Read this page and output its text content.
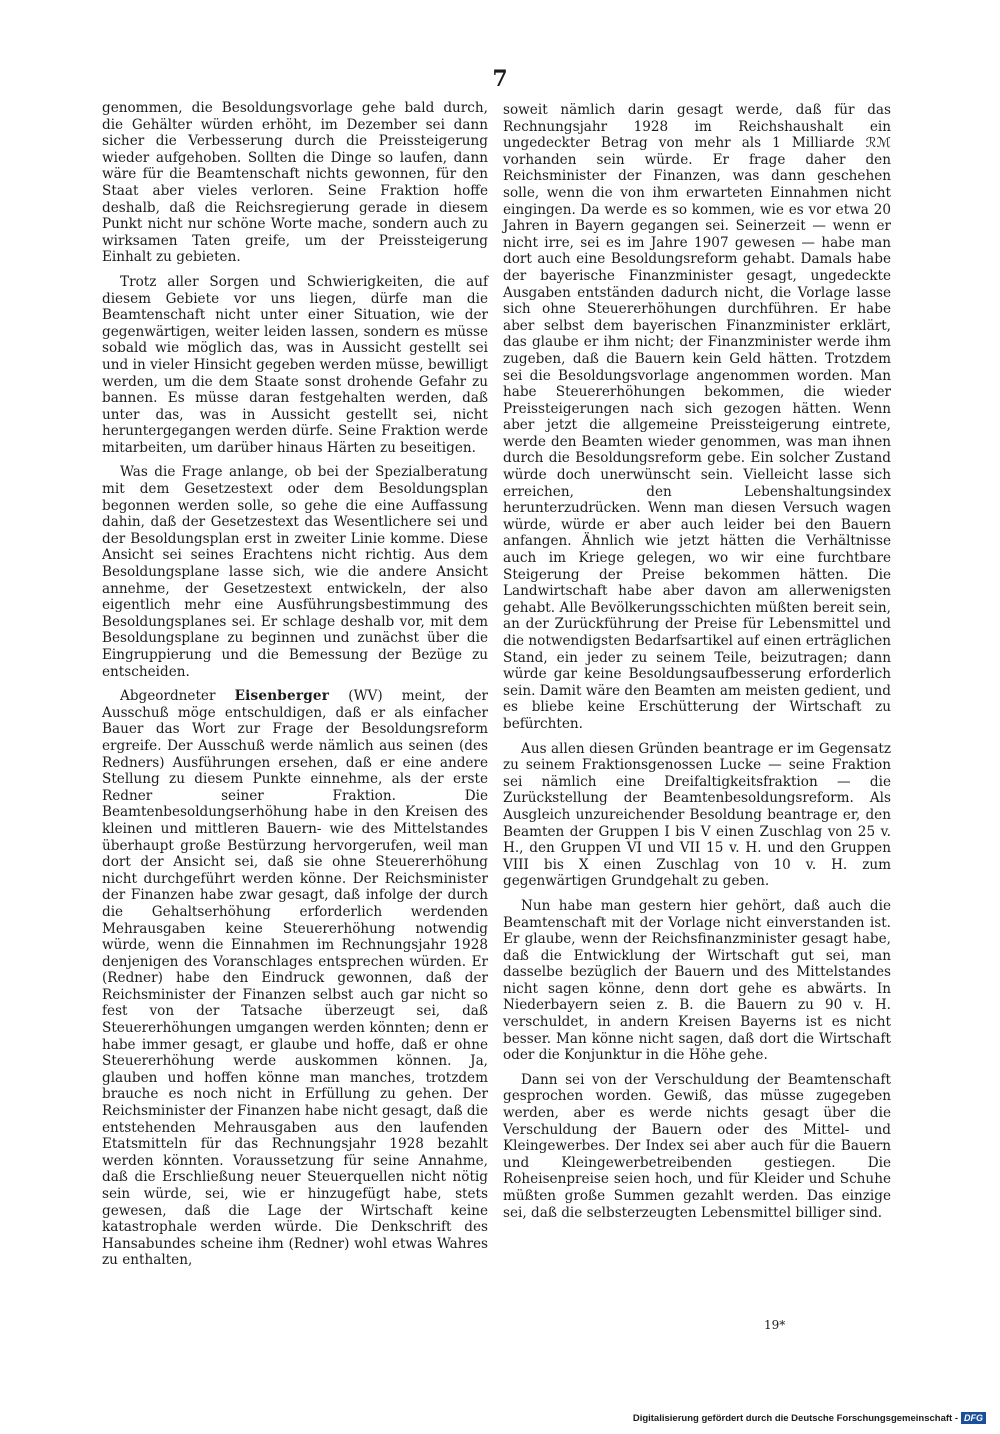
7

genommen, die Besoldungsvorlage gehe bald durch, die Gehälter würden erhöht, im Dezember sei dann sicher die Verbesserung durch die Preissteigerung wieder aufgehoben. Sollten die Dinge so laufen, dann wäre für die Beamtenschaft nichts gewonnen, für den Staat aber vieles verloren. Seine Fraktion hoffe deshalb, daß die Reichsregierung gerade in diesem Punkt nicht nur schöne Worte mache, sondern auch zu wirksamen Taten greife, um der Preissteigerung Einhalt zu gebieten.

Trotz aller Sorgen und Schwierigkeiten, die auf diesem Gebiete vor uns liegen, dürfe man die Beamtenschaft nicht unter einer Situation, wie der gegenwärtigen, weiter leiden lassen, sondern es müsse sobald wie möglich das, was in Aussicht gestellt sei und in vieler Hinsicht gegeben werden müsse, bewilligt werden, um die dem Staate sonst drohende Gefahr zu bannen. Es müsse daran festgehalten werden, daß unter das, was in Aussicht gestellt sei, nicht heruntergegangen werden dürfe. Seine Fraktion werde mitarbeiten, um darüber hinaus Härten zu beseitigen.

Was die Frage anlange, ob bei der Spezialberatung mit dem Gesetzestext oder dem Besoldungsplan begonnen werden solle, so gehe die eine Auffassung dahin, daß der Gesetzestext das Wesentlichere sei und der Besoldungsplan erst in zweiter Linie komme. Diese Ansicht sei seines Erachtens nicht richtig. Aus dem Besoldungsplane lasse sich, wie die andere Ansicht annehme, der Gesetzestext entwickeln, der also eigentlich mehr eine Ausführungsbestimmung des Besoldungsplanes sei. Er schlage deshalb vor, mit dem Besoldungsplane zu beginnen und zunächst über die Eingruppierung und die Bemessung der Bezüge zu entscheiden.

Abgeordneter Eisenberger (WV) meint, der Ausschuß möge entschuldigen, daß er als einfacher Bauer das Wort zur Frage der Besoldungsreform ergreife. Der Ausschuß werde nämlich aus seinen (des Redners) Ausführungen ersehen, daß er eine andere Stellung zu diesem Punkte einnehme, als der erste Redner seiner Fraktion. Die Beamtenbesoldungserhöhung habe in den Kreisen des kleinen und mittleren Bauern- wie des Mittelstandes überhaupt große Bestürzung hervorgerufen, weil man dort der Ansicht sei, daß sie ohne Steuererhöhung nicht durchgeführt werden könne. Der Reichsminister der Finanzen habe zwar gesagt, daß infolge der durch die Gehaltserhöhung erforderlich werdenden Mehrausgaben keine Steuererhöhung notwendig würde, wenn die Einnahmen im Rechnungsjahr 1928 denjenigen des Voranschlages entsprechen würden. Er (Redner) habe den Eindruck gewonnen, daß der Reichsminister der Finanzen selbst auch gar nicht so fest von der Tatsache überzeugt sei, daß Steuererhöhungen umgangen werden könnten; denn er habe immer gesagt, er glaube und hoffe, daß er ohne Steuererhöhung werde auskommen können. Ja, glauben und hoffen könne man manches, trotzdem brauche es noch nicht in Erfüllung zu gehen. Der Reichsminister der Finanzen habe nicht gesagt, daß die entstehenden Mehrausgaben aus den laufenden Etatsmitteln für das Rechnungsjahr 1928 bezahlt werden könnten. Voraussetzung für seine Annahme, daß die Erschließung neuer Steuerquellen nicht nötig sein würde, sei, wie er hinzugefügt habe, stets gewesen, daß die Lage der Wirtschaft keine katastrophale werden würde. Die Denkschrift des Hansabundes scheine ihm (Redner) wohl etwas Wahres zu enthalten,

soweit nämlich darin gesagt werde, daß für das Rechnungsjahr 1928 im Reichshaushalt ein ungedeckter Betrag von mehr als 1 Milliarde ℛℳ vorhanden sein würde. Er frage daher den Reichsminister der Finanzen, was dann geschehen solle, wenn die von ihm erwarteten Einnahmen nicht eingingen. Da werde es so kommen, wie es vor etwa 20 Jahren in Bayern gegangen sei. Seinerzeit — wenn er nicht irre, sei es im Jahre 1907 gewesen — habe man dort auch eine Besoldungsreform gehabt. Damals habe der bayerische Finanzminister gesagt, ungedeckte Ausgaben entständen dadurch nicht, die Vorlage lasse sich ohne Steuererhöhungen durchführen. Er habe aber selbst dem bayerischen Finanzminister erklärt, das glaube er ihm nicht; der Finanzminister werde ihm zugeben, daß die Bauern kein Geld hätten. Trotzdem sei die Besoldungsvorlage angenommen worden. Man habe Steuererhöhungen bekommen, die wieder Preissteigerungen nach sich gezogen hätten. Wenn aber jetzt die allgemeine Preissteigerung eintrete, werde den Beamten wieder genommen, was man ihnen durch die Besoldungsreform gebe. Ein solcher Zustand würde doch unerwünscht sein. Vielleicht lasse sich erreichen, den Lebenshaltungsindex herunterzudrücken. Wenn man diesen Versuch wagen würde, würde er aber auch leider bei den Bauern anfangen. Ähnlich wie jetzt hätten die Verhältnisse auch im Kriege gelegen, wo wir eine furchtbare Steigerung der Preise bekommen hätten. Die Landwirtschaft habe aber davon am allerwenigsten gehabt. Alle Bevölkerungsschichten müßten bereit sein, an der Zurückführung der Preise für Lebensmittel und die notwendigsten Bedarfsartikel auf einen erträglichen Stand, ein jeder zu seinem Teile, beizutragen; dann würde gar keine Besoldungsaufbesserung erforderlich sein. Damit wäre den Beamten am meisten gedient, und es bliebe keine Erschütterung der Wirtschaft zu befürchten.

Aus allen diesen Gründen beantrage er im Gegensatz zu seinem Fraktionsgenossen Lucke — seine Fraktion sei nämlich eine Dreifaltigkeitsfraktion — die Zurückstellung der Beamtenbesoldungsreform. Als Ausgleich unzureichender Besoldung beantrage er, den Beamten der Gruppen I bis V einen Zuschlag von 25 v. H., den Gruppen VI und VII 15 v. H. und den Gruppen VIII bis X einen Zuschlag von 10 v. H. zum gegenwärtigen Grundgehalt zu geben.

Nun habe man gestern hier gehört, daß auch die Beamtenschaft mit der Vorlage nicht einverstanden ist. Er glaube, wenn der Reichsfinanzminister gesagt habe, daß die Entwicklung der Wirtschaft gut sei, man dasselbe bezüglich der Bauern und des Mittelstandes nicht sagen könne, denn dort gehe es abwärts. In Niederbayern seien z. B. die Bauern zu 90 v. H. verschuldet, in andern Kreisen Bayerns ist es nicht besser. Man könne nicht sagen, daß dort die Wirtschaft oder die Konjunktur in die Höhe gehe.

Dann sei von der Verschuldung der Beamtenschaft gesprochen worden. Gewiß, das müsse zugegeben werden, aber es werde nichts gesagt über die Verschuldung der Bauern oder des Mittel- und Kleingewerbes. Der Index sei aber auch für die Bauern und Kleingewerbetreibenden gestiegen. Die Roheisenpreise seien hoch, und für Kleider und Schuhe müßten große Summen gezahlt werden. Das einzige sei, daß die selbsterzeugten Lebensmittel billiger sind.

19*
Digitalisierung gefördert durch die Deutsche Forschungsgemeinschaft - DFG
